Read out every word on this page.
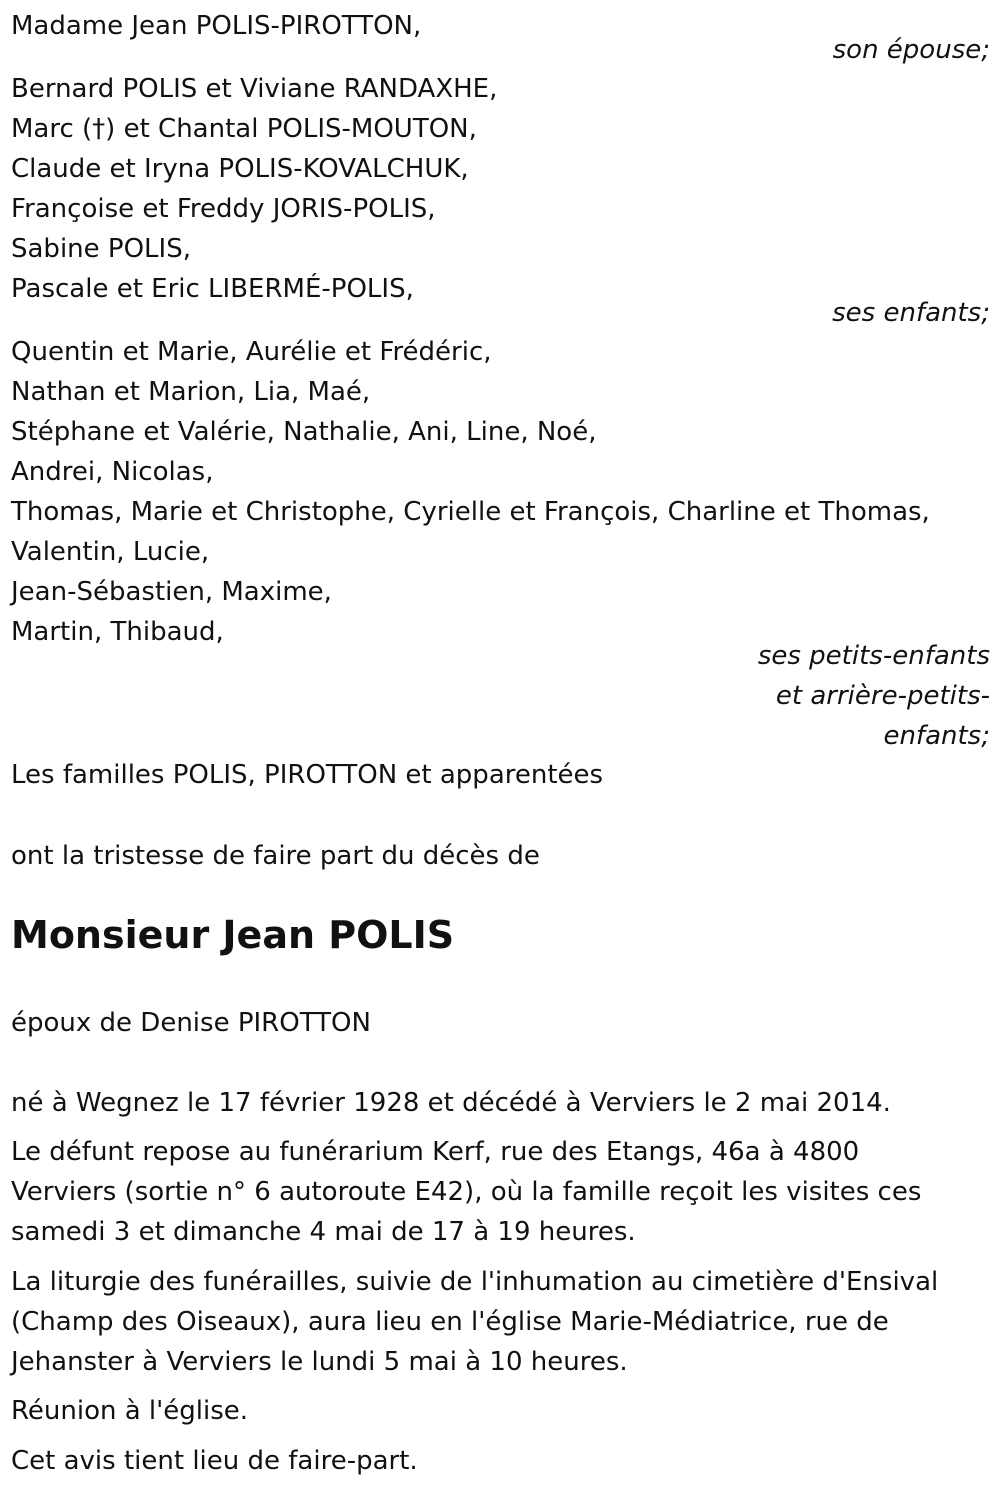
Madame Jean POLIS-PIROTTON,

son épouse;

Bernard POLIS et Viviane RANDAXHE,

Marc (†) et Chantal POLIS-MOUTON,

Claude et Iryna POLIS-KOVALCHUK,

Françoise et Freddy JORIS-POLIS,

Sabine POLIS,

Pascale et Eric LIBERMÉ-POLIS,

ses enfants;

Quentin et Marie, Aurélie et Frédéric,

Nathan et Marion, Lia, Maé,

Stéphane et Valérie, Nathalie, Ani, Line, Noé,

Andrei, Nicolas,

Thomas, Marie et Christophe, Cyrielle et François, Charline et Thomas,

Valentin, Lucie,

Jean-Sébastien, Maxime,

Martin, Thibaud,

ses petits-enfants

et arrière-petits-

enfants;

Les familles POLIS, PIROTTON et apparentées

ont la tristesse de faire part du décès de

Monsieur Jean POLIS

époux de Denise PIROTTON

né à Wegnez le 17 février 1928 et décédé à Verviers le 2 mai 2014.

Le défunt repose au funérarium Kerf, rue des Etangs, 46a à 4800

Verviers (sortie n° 6 autoroute E42), où la famille reçoit les visites ces

samedi 3 et dimanche 4 mai de 17 à 19 heures.

La liturgie des funérailles, suivie de l'inhumation au cimetière d'Ensival

(Champ des Oiseaux), aura lieu en l'église Marie-Médiatrice, rue de

Jehanster à Verviers le lundi 5 mai à 10 heures.

Réunion à l'église.

Cet avis tient lieu de faire-part.
